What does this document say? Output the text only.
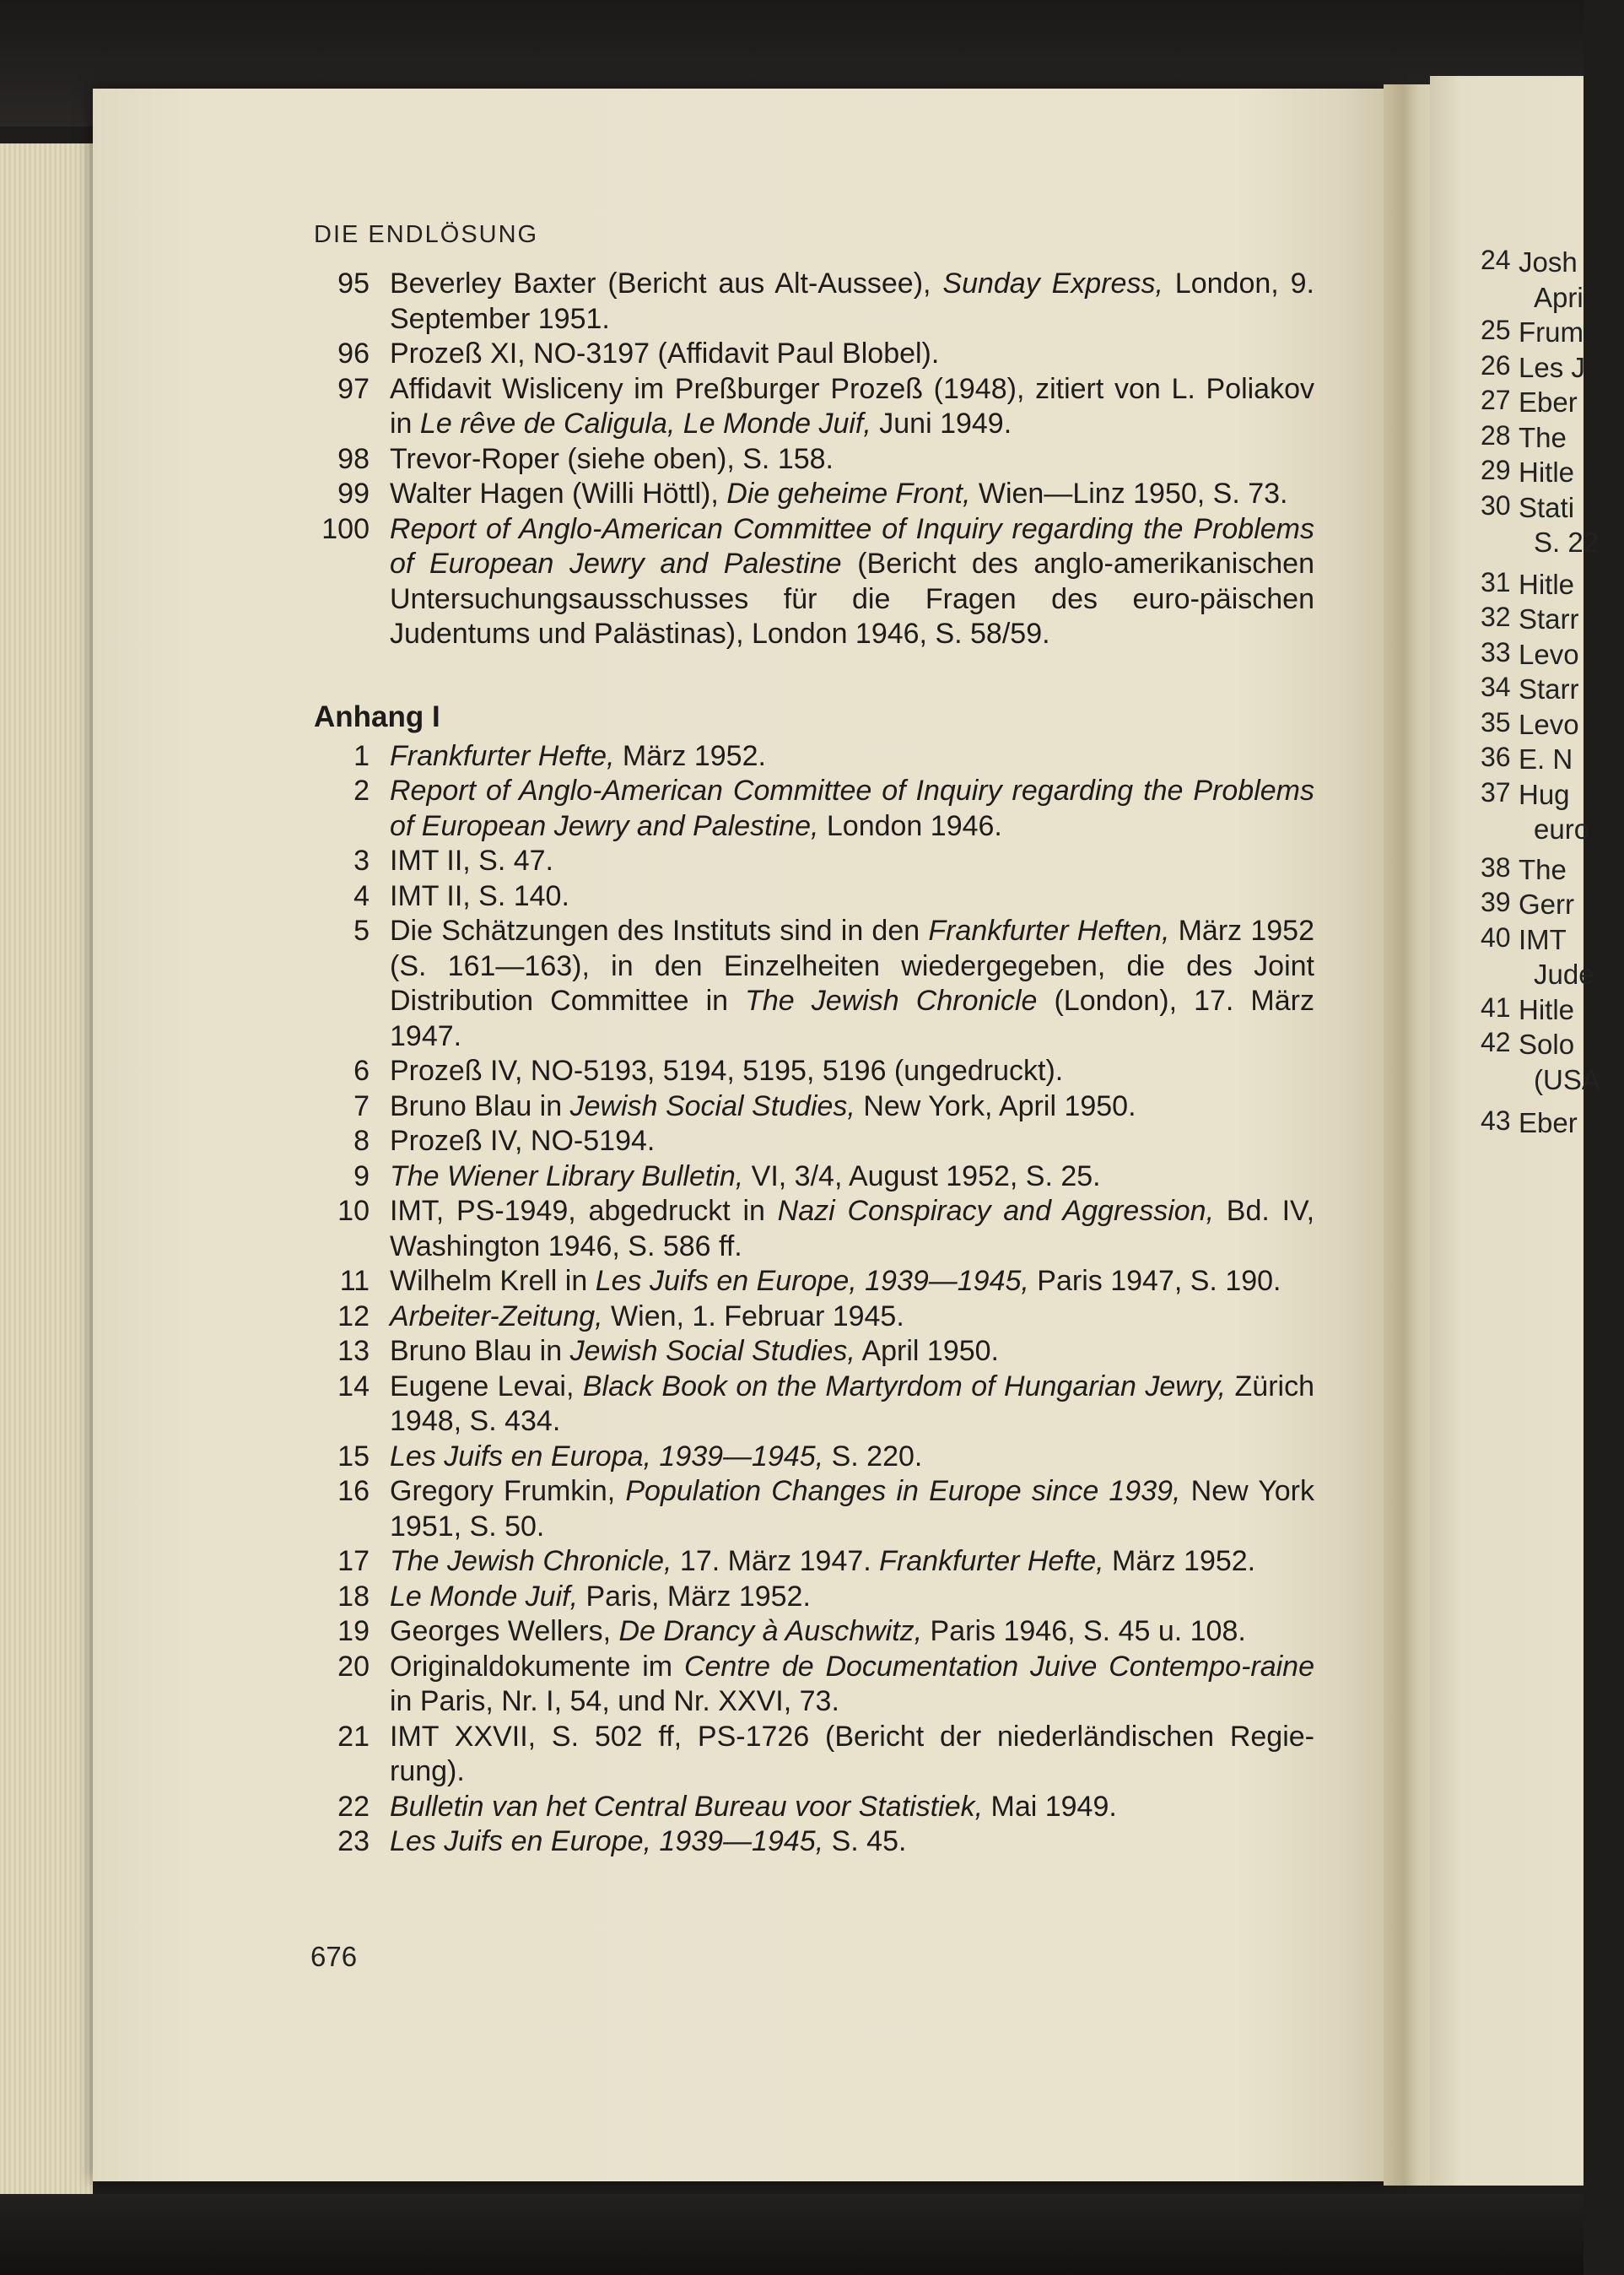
DIE ENDLÖSUNG
95 Beverley Baxter (Bericht aus Alt-Aussee), Sunday Express, London, 9. September 1951.
96 Prozeß XI, NO-3197 (Affidavit Paul Blobel).
97 Affidavit Wisliceny im Preßburger Prozeß (1948), zitiert von L. Poliakov in Le rêve de Caligula, Le Monde Juif, Juni 1949.
98 Trevor-Roper (siehe oben), S. 158.
99 Walter Hagen (Willi Höttl), Die geheime Front, Wien—Linz 1950, S. 73.
100 Report of Anglo-American Committee of Inquiry regarding the Problems of European Jewry and Palestine (Bericht des anglo-amerikanischen Untersuchungsausschusses für die Fragen des euro-päischen Judentums und Palästinas), London 1946, S. 58/59.
Anhang I
1 Frankfurter Hefte, März 1952.
2 Report of Anglo-American Committee of Inquiry regarding the Problems of European Jewry and Palestine, London 1946.
3 IMT II, S. 47.
4 IMT II, S. 140.
5 Die Schätzungen des Instituts sind in den Frankfurter Heften, März 1952 (S. 161—163), in den Einzelheiten wiedergegeben, die des Joint Distribution Committee in The Jewish Chronicle (London), 17. März 1947.
6 Prozeß IV, NO-5193, 5194, 5195, 5196 (ungedruckt).
7 Bruno Blau in Jewish Social Studies, New York, April 1950.
8 Prozeß IV, NO-5194.
9 The Wiener Library Bulletin, VI, 3/4, August 1952, S. 25.
10 IMT, PS-1949, abgedruckt in Nazi Conspiracy and Aggression, Bd. IV, Washington 1946, S. 586 ff.
11 Wilhelm Krell in Les Juifs en Europe, 1939—1945, Paris 1947, S. 190.
12 Arbeiter-Zeitung, Wien, 1. Februar 1945.
13 Bruno Blau in Jewish Social Studies, April 1950.
14 Eugene Levai, Black Book on the Martyrdom of Hungarian Jewry, Zürich 1948, S. 434.
15 Les Juifs en Europa, 1939—1945, S. 220.
16 Gregory Frumkin, Population Changes in Europe since 1939, New York 1951, S. 50.
17 The Jewish Chronicle, 17. März 1947. Frankfurter Hefte, März 1952.
18 Le Monde Juif, Paris, März 1952.
19 Georges Wellers, De Drancy à Auschwitz, Paris 1946, S. 45 u. 108.
20 Originaldokumente im Centre de Documentation Juive Contempo-raine in Paris, Nr. I, 54, und Nr. XXVI, 73.
21 IMT XXVII, S. 502 ff, PS-1726 (Bericht der niederländischen Regie-rung).
22 Bulletin van het Central Bureau voor Statistiek, Mai 1949.
23 Les Juifs en Europe, 1939—1945, S. 45.
676
24 Josh
Apri
25 Frum
26 Les J
27 Eber
28 The
29 Hitle
30 Stati
S. 22
31 Hitle
32 Starr
33 Levo
34 Starr
35 Levo
36 E. N
37 Hug
euro
38 The
39 Gerr
40 IMT
Jude
41 Hitle
42 Solo
(USA
43 Eber
